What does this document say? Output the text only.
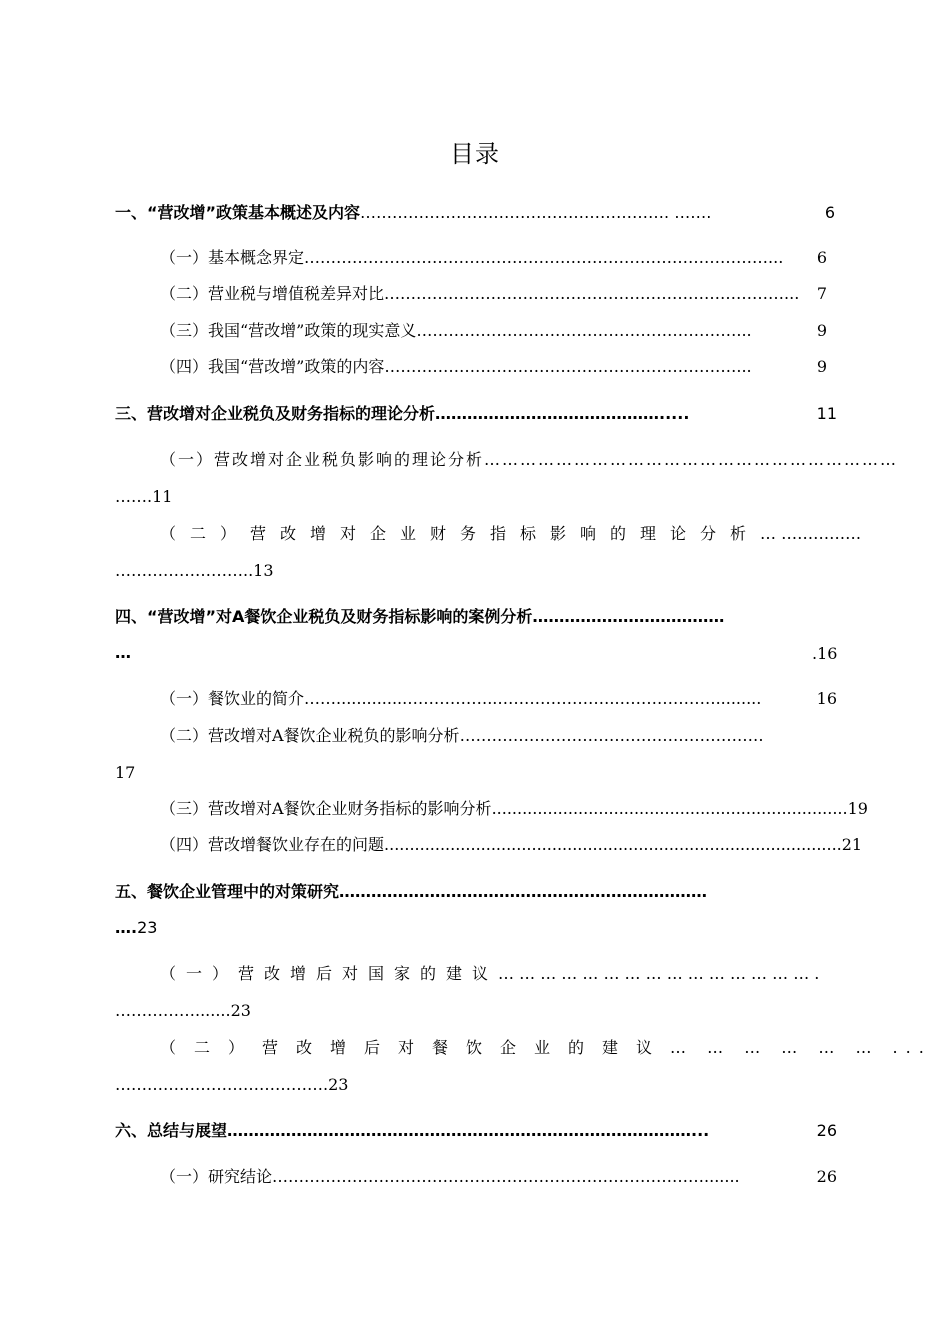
目录
一、“营改增”政策基本概述及内容 …………………………………………………. …….	6
（一）基本概念界定 ……………………………………………………………………………...	6
（二）营业税与增值税差异对比 …………………………………………………………………...	7
（三）我国“营改增”政策的现实意义 ……………………………………………………...	9
（四）我国“营改增”政策的内容 …………………………………………………………...	9
三、营改增对企业税负及财务指标的理论分析 …………………………………….....	11
（一）营改增对企业税负影响的理论分析 ………………………………………… …………………
…….11
（二）营改增对企业财务指标影响的理论分析 … ……………
……………………..13
四、“营改增”对A餐饮企业税负及财务指标影响的案例分析 ………………………………
…	.16
（一）餐饮业的简介…… ..............……………..…………………..……………….........	16
（二）营改增对A餐饮企业税负的影响分析 …………………………………………………
17
（三）营改增对A餐饮企业财务指标的影响分析 ...................................................................... 19
（四）营改增餐饮业存在的问题 .......................................................................................... 21
五、餐饮企业管理中的对策研究 ……………………………………………………………
….23
（一）营改增后对国家的建议 … … … … … … … … … … … … … … … .
…………….......23
（二）营改增后对餐饮企业的建议 … … … … … … ...
………………………………….23
六、总结与展望 ……………………………………………………………………………...	26
（一）研究结论 ……………………………………………………………………….......	26
